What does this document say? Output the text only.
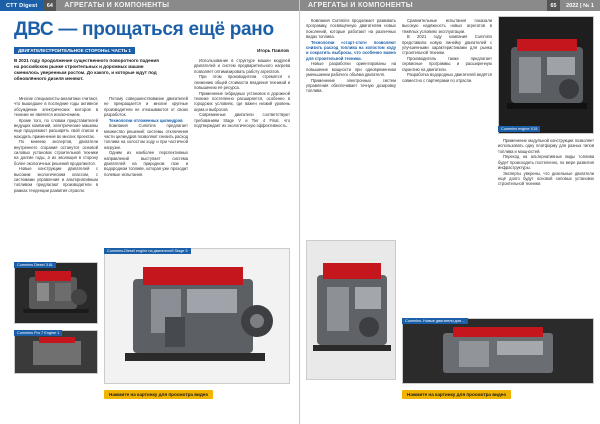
СТТ Digest	64	АГРЕГАТЫ И КОМПОНЕНТЫ
ДВС — прощаться ещё рано
ДВИГАТЕЛЕСТРОИТЕЛЬНОЕ СТОРОНЫ. ЧАСТЬ 1	Игорь Павлов
В 2021 году продолжение существенного поворотного падения на российском рынке строительных и дорожных машин сменилось уверенным ростом. До какого, и которые ждут под обновлённого дизеля меняют.

Многие специалисты-аналитики считают, что вышедшее в последние годы активное обсуждение электрических моторов в технике не является исключением.

Кроме того, по словам представителей ведущих компаний, электрические машины ещё продолжают расширять свой список и находить применение во многих проектах.

По мнению экспертов, двигатели внутреннего сгорания останутся основой силовых установок строительной техники на долгие годы, а их эволюция в сторону более экологичных решений продолжится.

Новые конструкции двигателей с высоким экологическим классом, с системами управления и альтернативным топливом предлагают производители в рамках тенденции развития отрасли.

Потому совершенствование двигателей не прекращается и многие крупные производители не отказываются от своих разработок.

Технологии отложенных цилиндров

Компания Cummins предлагает множество решений: системы отключения части цилиндров позволяют снизить расход топлива на холостом ходу и при частичной нагрузке.

Одним из наиболее перспективных направлений выступает система двигателей на природном газе и водородном топливе, которая уже проходит полевые испытания.

Использование в структуре машин модулей двигателей и систем предварительного нагрева позволяет оптимизировать работу агрегатов.

При этом производители стремятся к снижению общей стоимости владения техникой и повышению её ресурса.

Применение гибридных установок в дорожной технике постепенно расширяется, особенно в городских условиях, где важен низкий уровень шума и выбросов.

Современные двигатели соответствуют требованиям Stage V и Tier 4 Final, что подтверждает их экологическую эффективность.

Cummins Diesel 3.8L
Cummins-Diesel engine на двигателей Stage 5
Cummins Pro 7 Engine 1
Нажмите на картинку для просмотра видео
АГРЕГАТЫ И КОМПОНЕНТЫ	65	2022 | № 1

Компания Cummins продолжает развивать программу, посвящённую двигателям новых поколений, которые работают на различных видах топлива.

Технологии «старт-стоп» позволяют снизить расход топлива на холостом ходу и сократить выбросы, что особенно важно для строительной техники.

Новые разработки ориентированы на повышение мощности при одновременном уменьшении рабочего объёма двигателя.

Применение электронных систем управления обеспечивает точную дозировку топлива.

Сравнительные испытания показали высокую надёжность новых агрегатов в тяжёлых условиях эксплуатации.

В 2021 году компания Cummins представила новую линейку двигателей с улучшенными характеристиками для рынка строительной техники.

Производитель также предлагает сервисные программы и расширенную гарантию на двигатели.

Разработка водородных двигателей ведётся совместно с партнёрами по отрасли.

Cummins engine X15

Применение модульной конструкции позволяет использовать одну платформу для разных типов топлива и мощностей.

Переход на альтернативные виды топлива будет происходить постепенно, по мере развития инфраструктуры.

Эксперты уверены, что дизельные двигатели ещё долго будут основой силовых установок строительной техники.

Cummins. Новые двигатели для ...
Нажмите на картинку для просмотра видео
